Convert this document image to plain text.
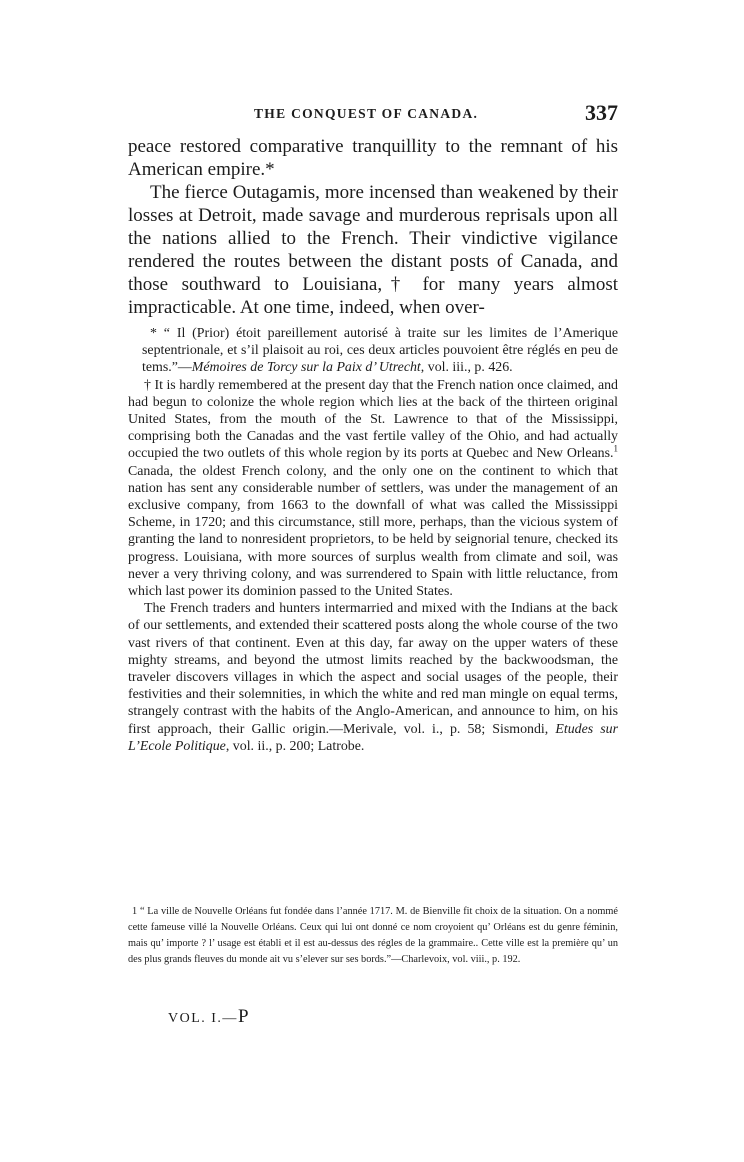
THE CONQUEST OF CANADA.	337

peace restored comparative tranquillity to the remnant of his American empire.*

The fierce Outagamis, more incensed than weakened by their losses at Detroit, made savage and murderous reprisals upon all the nations allied to the French. Their vindictive vigilance rendered the routes between the distant posts of Canada, and those southward to Louisiana,† for many years almost impracticable. At one time, indeed, when over-

* “ Il (Prior) étoit pareillement autorisé à traite sur les limites de l’Amerique septentrionale, et s’il plaisoit au roi, ces deux articles pouvoient être réglés en peu de tems.”—Mémoires de Torcy sur la Paix d’ Utrecht, vol. iii., p. 426.

† It is hardly remembered at the present day that the French nation once claimed, and had begun to colonize the whole region which lies at the back of the thirteen original United States, from the mouth of the St. Lawrence to that of the Mississippi, comprising both the Canadas and the vast fertile valley of the Ohio, and had actually occupied the two outlets of this whole region by its ports at Quebec and New Orleans.$^1$ Canada, the oldest French colony, and the only one on the continent to which that nation has sent any considerable number of settlers, was under the management of an exclusive company, from 1663 to the downfall of what was called the Mississippi Scheme, in 1720; and this circumstance, still more, perhaps, than the vicious system of granting the land to nonresident proprietors, to be held by seignorial tenure, checked its progress. Louisiana, with more sources of surplus wealth from climate and soil, was never a very thriving colony, and was surrendered to Spain with little reluctance, from which last power its dominion passed to the United States.

The French traders and hunters intermarried and mixed with the Indians at the back of our settlements, and extended their scattered posts along the whole course of the two vast rivers of that continent. Even at this day, far away on the upper waters of these mighty streams, and beyond the utmost limits reached by the backwoodsman, the traveler discovers villages in which the aspect and social usages of the people, their festivities and their solemnities, in which the white and red man mingle on equal terms, strangely contrast with the habits of the Anglo-American, and announce to him, on his first approach, their Gallic origin.—Merivale, vol. i., p. 58; Sismondi, Etudes sur L’Ecole Politique, vol. ii., p. 200; Latrobe.

1 “ La ville de Nouvelle Orléans fut fondée dans l’année 1717. M. de Bienville fit choix de la situation. On a nommé cette fameuse villé la Nouvelle Orléans. Ceux qui lui ont donné ce nom croyoient qu’ Orléans est du genre féminin, mais qu’ importe ? l’ usage est établi et il est au-dessus des régles de la grammaire.. Cette ville est la première qu’ un des plus grands fleuves du monde ait vu s’elever sur ses bords.”—Charlevoix, vol. viii., p. 192.

VOL. I.—P
